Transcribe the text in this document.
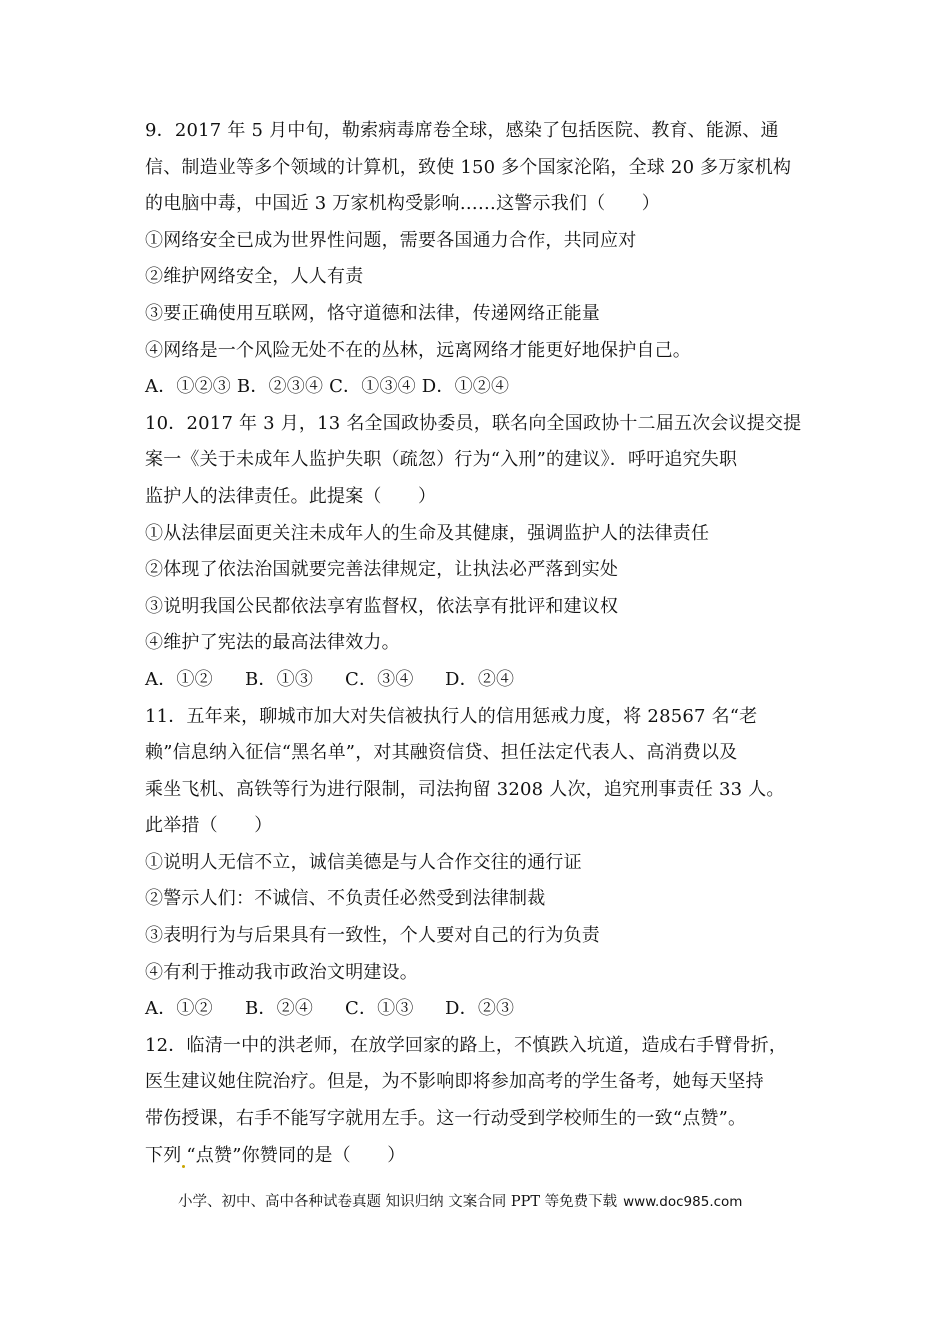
9．2017 年 5 月中旬，勒索病毒席卷全球，感染了包括医院、教育、能源、通
信、制造业等多个领域的计算机，致使 150 多个国家沦陷，全球 20 多万家机构
的电脑中毒，中国近 3 万家机构受影响……这警示我们（　　）
①网络安全已成为世界性问题，需要各国通力合作，共同应对
②维护网络安全，人人有责
③要正确使用互联网，恪守道德和法律，传递网络正能量
④网络是一个风险无处不在的丛林，远离网络才能更好地保护自己。
A．①②③ B．②③④ C．①③④ D．①②④
10．2017 年 3 月，13 名全国政协委员，联名向全国政协十二届五次会议提交提
案一《关于未成年人监护失职（疏忽）行为“入刑”的建议》．呼吁追究失职
监护人的法律责任。此提案（　　）
①从法律层面更关注未成年人的生命及其健康，强调监护人的法律责任
②体现了依法治国就要完善法律规定，让执法必严落到实处
③说明我国公民都依法享宥监督权，依法享有批评和建议权
④维护了宪法的最高法律效力。
A．①② B．①③ C．③④ D．②④
11．五年来，聊城市加大对失信被执行人的信用惩戒力度，将 28567 名“老
赖”信息纳入征信“黑名单”，对其融资信贷、担任法定代表人、高消费以及
乘坐飞机、高铁等行为进行限制，司法拘留 3208 人次，追究刑事责任 33 人。
此举措（　　）
①说明人无信不立，诚信美德是与人合作交往的通行证
②警示人们：不诚信、不负责任必然受到法律制裁
③表明行为与后果具有一致性，个人要对自己的行为负责
④有利于推动我市政治文明建设。
A．①② B．②④ C．①③ D．②③
12．临清一中的洪老师，在放学回家的路上，不慎跌入坑道，造成右手臂骨折，
医生建议她住院治疗。但是，为不影响即将参加高考的学生备考，她每天坚持
带伤授课，右手不能写字就用左手。这一行动受到学校师生的一致“点赞”。
下列 “点赞”你赞同的是（　　）
小学、初中、高中各种试卷真题 知识归纳 文案合同 PPT 等免费下载 www.doc985.com
